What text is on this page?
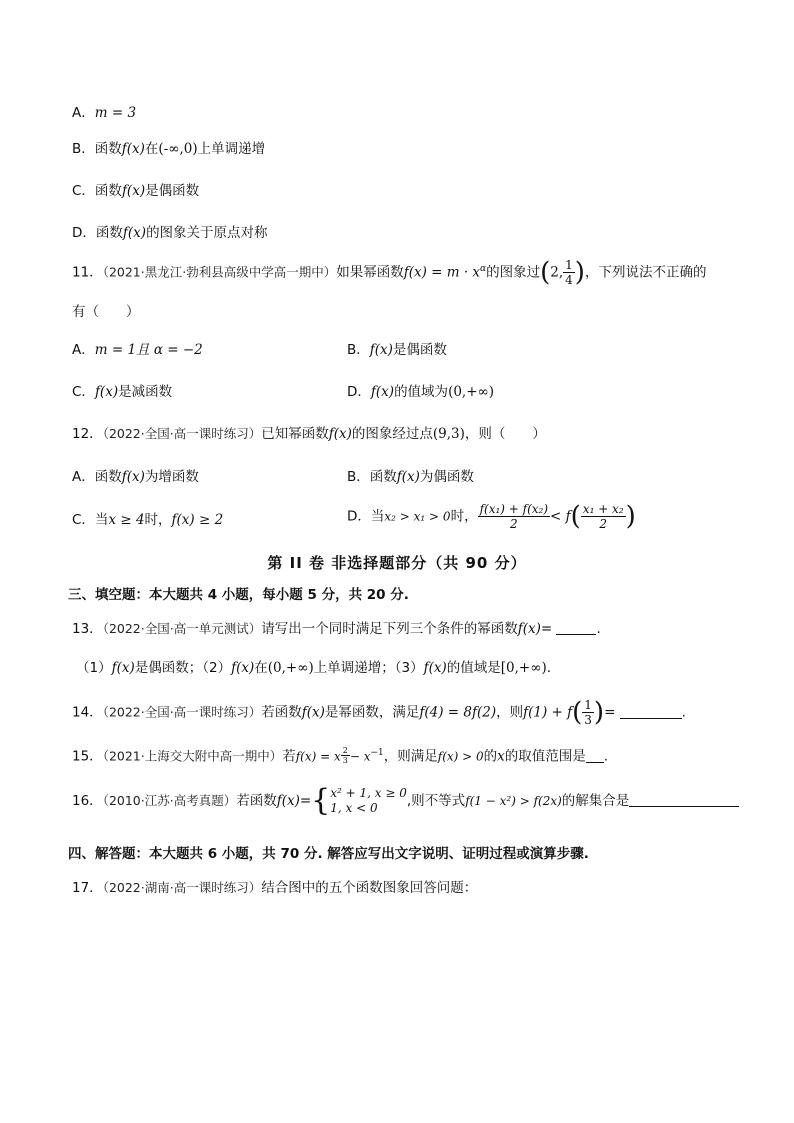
A．m = 3
B．函数f(x)在(-∞,0)上单调递增
C．函数f(x)是偶函数
D．函数f(x)的图象关于原点对称
11．（2021·黑龙江·勃利县高级中学高一期中）如果幂函数$f(x) = m \cdot x^\alpha$的图象过(2, $\frac{1}{4}$ )，下列说法不正确的
有（　　）
A．m = 1且 α = −2	B．f(x)是偶函数
C．f(x)是减函数	D．f(x)的值域为(0,+∞)
12．（2022·全国·高一课时练习）已知幂函数f(x)的图象经过点(9,3)，则（　　）
A．函数f(x)为增函数	B．函数f(x)为偶函数
C．当x ≥ 4时，f(x) ≥ 2	D．当x₂ > x₁ > 0时， $\frac{\text{f(x₁) + f(x₂)}}{2} < f( \frac{\text{x₁ + x₂}}{2}$ )
第 II 卷 非选择题部分（共 90 分）
三、填空题：本大题共 4 小题，每小题 5 分，共 20 分.
13．（2022·全国·高一单元测试）请写出一个同时满足下列三个条件的幂函数f(x)=	.
（1）f(x)是偶函数；（2）f(x)在(0,+∞)上单调递增；（3）f(x)的值域是[0,+∞).
14．（2022·全国·高一课时练习）若函数f(x)是幂函数，满足f(4) = 8f(2)，则$f(1) + f( \frac{1}{3}$ )=	.
15．（2021·上海交大附中高一期中）若f(x) = x $\frac{2}{3} - x^{-1}$，则满足f(x) > 0的x的取值范围是 .
16．（2010·江苏·高考真题）若函数f(x)= { x² + 1, x ≥ 0
1, x < 0	,则不等式f(1 − x²) > f(2x)的解集合是
四、解答题：本大题共 6 小题，共 70 分. 解答应写出文字说明、证明过程或演算步骤.
17．（2022·湖南·高一课时练习）结合图中的五个函数图象回答问题：
